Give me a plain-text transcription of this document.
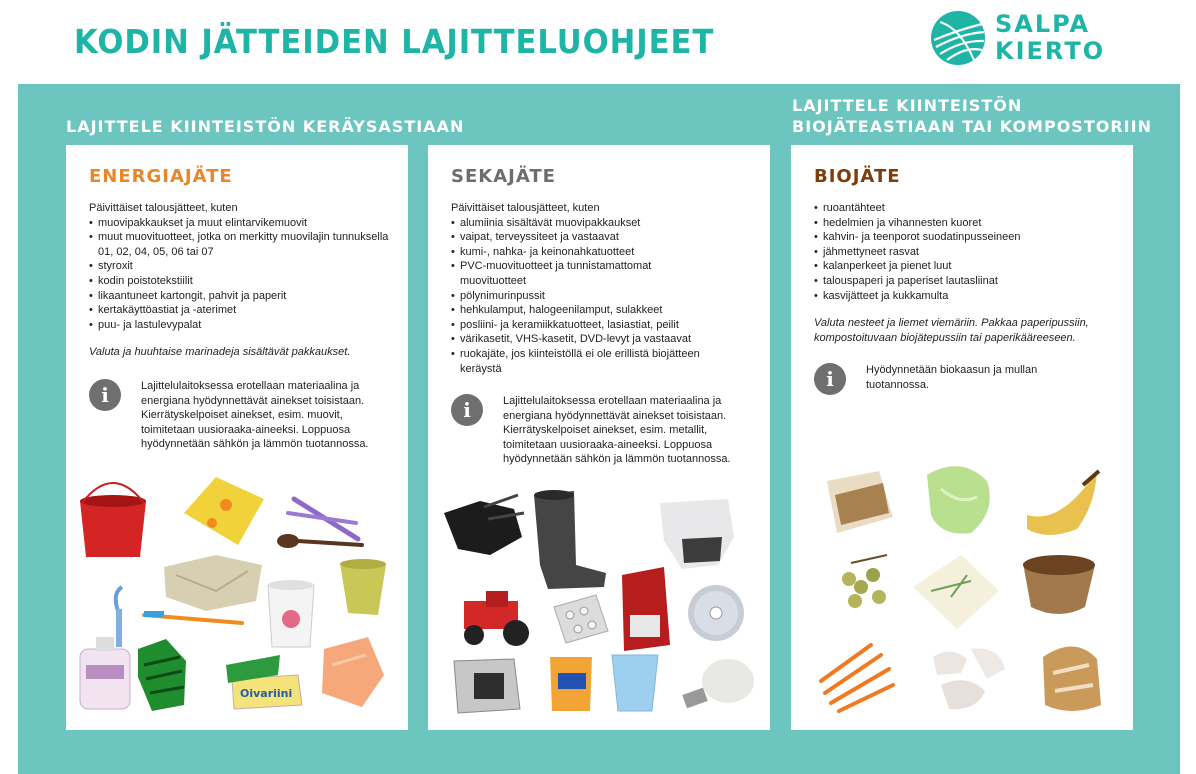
KODIN JÄTTEIDEN LAJITTELUOHJEET	SALPA
KIERTO
LAJITTELE KIINTEISTÖN KERÄYSASTIAAN
LAJITTELE KIINTEISTÖN
BIOJÄTEASTIAAN TAI KOMPOSTORIIN
ENERGIAJÄTE
Päivittäiset talousjätteet, kuten
• muovipakkaukset ja muut elintarvikemuovit
• muut muovituotteet, jotka on merkitty muovilajin tunnuksella 01, 02, 04, 05, 06 tai 07
• styroxit
• kodin poistotekstiilit
• likaantuneet kartongit, pahvit ja paperit
• kertakäyttöastiat ja -aterimet
• puu- ja lastulevypalat
Valuta ja huuhtaise marinadeja sisältävät pakkaukset.
i	Lajittelulaitoksessa erotellaan materiaalina ja energiana hyödynnettävät ainekset toisistaan. Kierrätyskelpoiset ainekset, esim. muovit, toimitetaan uusioraaka-aineeksi. Loppuosa hyödynnetään sähkön ja lämmön tuotannossa.

Oivariini
SEKAJÄTE
Päivittäiset talousjätteet, kuten
• alumiinia sisältävät muovipakkaukset
• vaipat, terveyssiteet ja vastaavat
• kumi-, nahka- ja keinonahkatuotteet
• PVC-muovituotteet ja tunnistamattomat muovituotteet
• pölynimurinpussit
• hehkulamput, halogeenilamput, sulakkeet
• posliini- ja keramiikkatuotteet, lasiastiat, peilit
• värikasetit, VHS-kasetit, DVD-levyt ja vastaavat
• ruokajäte, jos kiinteistöllä ei ole erillistä biojätteen keräystä
i	Lajittelulaitoksessa erotellaan materiaalina ja energiana hyödynnettävät ainekset toisistaan. Kierrätyskelpoiset ainekset, esim. metallit, toimitetaan uusioraaka-aineeksi. Loppuosa hyödynnetään sähkön ja lämmön tuotannossa.

BIOJÄTE
• ruoantähteet
• hedelmien ja vihannesten kuoret
• kahvin- ja teenporot suodatinpusseineen
• jähmettyneet rasvat
• kalanperkeet ja pienet luut
• talouspaperi ja paperiset lautasliinat
• kasvijätteet ja kukkamulta
Valuta nesteet ja liemet viemäriin. Pakkaa paperipussiin, kompostoituvaan biojätepussiin tai paperikääreeseen.
i	Hyödynnetään biokaasun ja mullan tuotannossa.
